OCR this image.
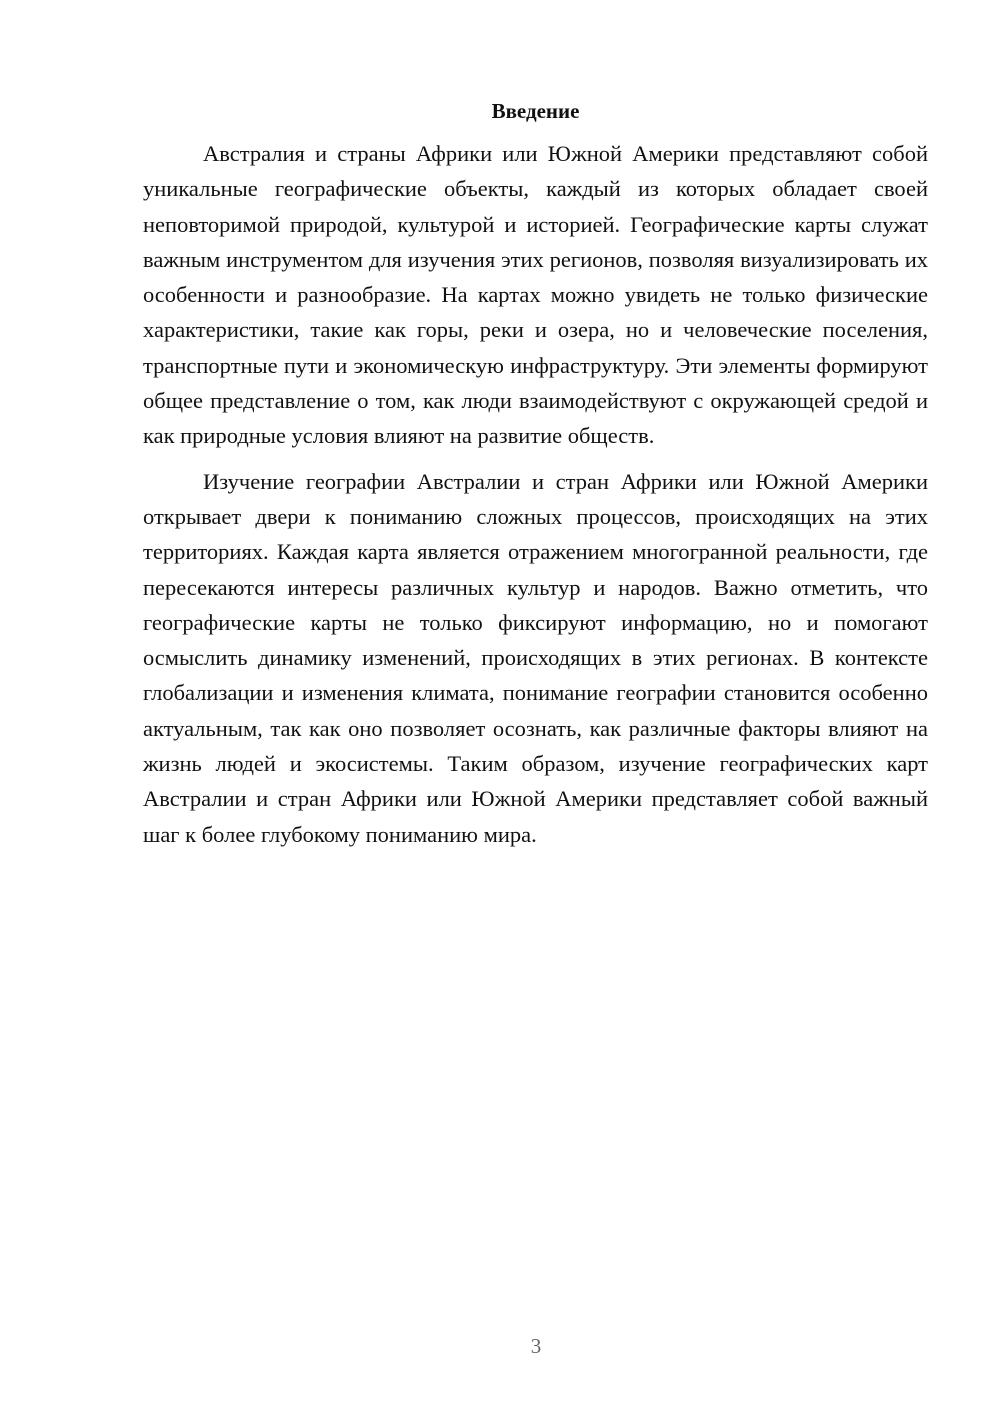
Введение

Австралия и страны Африки или Южной Америки представляют собой уникальные географические объекты, каждый из которых обладает своей неповторимой природой, культурой и историей. Географические карты служат важным инструментом для изучения этих регионов, позволяя визуализировать их особенности и разнообразие. На картах можно увидеть не только физические характеристики, такие как горы, реки и озера, но и человеческие поселения, транспортные пути и экономическую инфраструктуру. Эти элементы формируют общее представление о том, как люди взаимодействуют с окружающей средой и как природные условия влияют на развитие обществ.

Изучение географии Австралии и стран Африки или Южной Америки открывает двери к пониманию сложных процессов, происходящих на этих территориях. Каждая карта является отражением многогранной реальности, где пересекаются интересы различных культур и народов. Важно отметить, что географические карты не только фиксируют информацию, но и помогают осмыслить динамику изменений, происходящих в этих регионах. В контексте глобализации и изменения климата, понимание географии становится особенно актуальным, так как оно позволяет осознать, как различные факторы влияют на жизнь людей и экосистемы. Таким образом, изучение географических карт Австралии и стран Африки или Южной Америки представляет собой важный шаг к более глубокому пониманию мира.

3
